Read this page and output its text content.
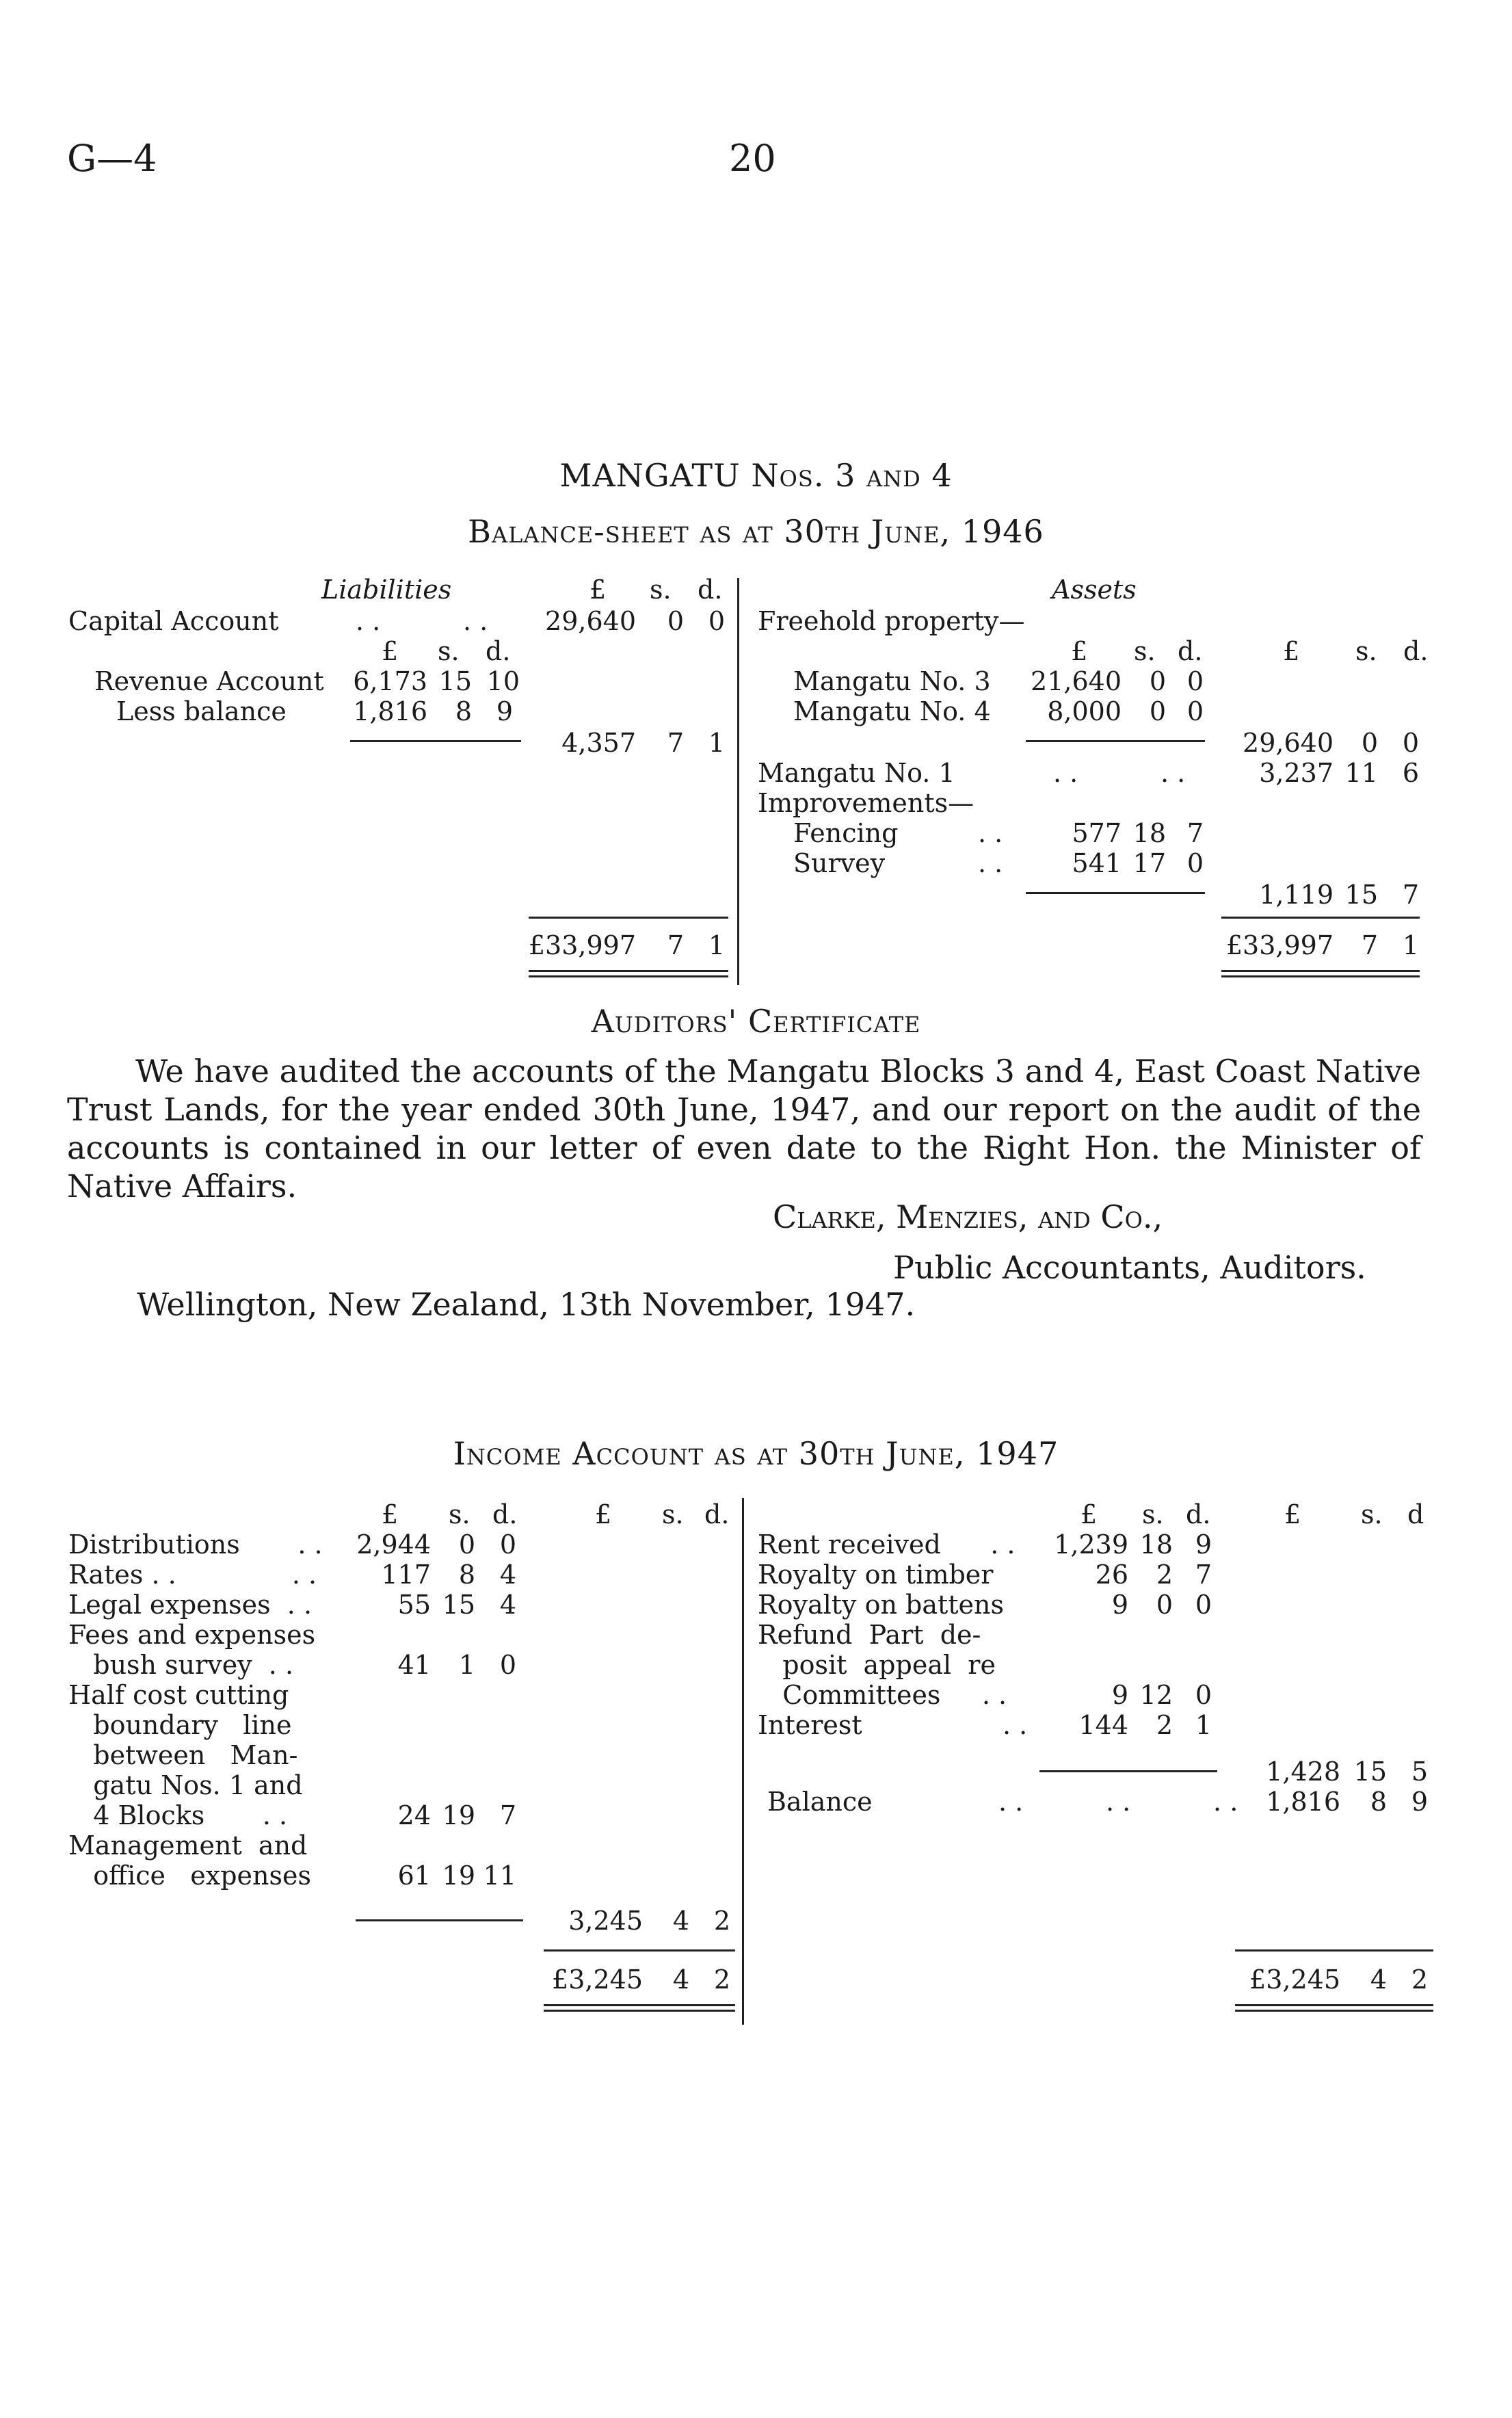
G—4	20
MANGATU Nos. 3 and 4
Balance-sheet as at 30th June, 1946
Liabilities	£ s. d.
Capital Account	. .          . .	29,640	0 0
£ s. d.
Revenue Account	6,173 15 10
Less balance	1,816	8 9
4,357	7 1
£33,997	7 1
Assets
Freehold property—
£ s. d.	£ s. d.
Mangatu No. 3	21,640	0 0
Mangatu No. 4	8,000	0 0
29,640	0 0
Mangatu No. 1	. .          . .	3,237 11 6
Improvements—
Fencing	. .	577 18 7
Survey	. .	541 17 0
1,119 15 7
£33,997	7 1
Auditors' Certificate
We have audited the accounts of the Mangatu Blocks 3 and 4, East Coast Native Trust Lands, for the year ended 30th June, 1947, and our report on the audit of the accounts is contained in our letter of even date to the Right Hon. the Minister of Native Affairs.
Clarke, Menzies, and Co.,
Public Accountants, Auditors.
Wellington, New Zealand, 13th November, 1947.
Income Account as at 30th June, 1947
£ s. d.	£ s. d.	£ s. d.	£ s. d
Distributions       . .	2,944	0 0
Rates . .              . .	117	8 4
Legal expenses  . .	55 15 4
Fees and expenses
bush survey  . .	41	1 0
Half cost cutting
boundary   line
between   Man-
gatu Nos. 1 and
4 Blocks       . .	24 19 7
Management  and
office   expenses	61 19 11
3,245	4 2
£3,245	4 2
Rent received      . .	1,239 18 9
Royalty on timber	26	2 7
Royalty on battens	9	0 0
Refund  Part  de-
posit  appeal  re
Committees     . .	9 12 0
Interest                 . .	144	2 1
1,428 15 5
Balance	. .          . .          . .	1,816	8 9
£3,245	4 2
